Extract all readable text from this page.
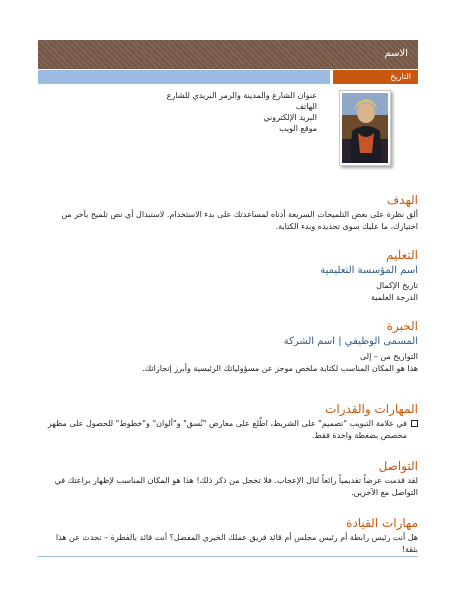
الاسم
التاريخ
عنوان الشارع والمدينة والرمز البريدي للشارع
الهاتف
البريد الإلكتروني
موقع الويب
الهدف

ألق نظرة على بعض التلميحات السريعة أدناه لمساعدتك على بدء الاستخدام. لاستبدال أي نص تلميح بآخر من اختيارك، ما عليك سوى تحديده وبدء الكتابة.

التعليم
اسم المؤسسة التعليمية

تاريخ الإكمال

الدرجة العلمية

الخبرة
المسمى الوظيفي | اسم الشركة

التواريخ من – إلى

هذا هو المكان المناسب لكتابة ملخص موجز عن مسؤولياتك الرئيسية وأبرز إنجازاتك.

المهارات والقدرات

في علامة التبويب "تصميم" على الشريط، اطّلع على معارض "نُسق" و"ألوان" و"خطوط" للحصول على مظهر مخصص بضغطة واحدة فقط.

التواصل

لقد قدمت عرضاً تقديمياً رائعاً لنال الإعجاب. فلا تخجل من ذكر ذلك! هذا هو المكان المناسب لإظهار براعتك في التواصل مع الآخرين.

مهارات القيادة

هل أنت رئيس رابطة أم رئيس مجلس أم قائد فريق عملك الخيري المفضل؟ أنت قائد بالفطرة – تحدث عن هذا بثقة!
